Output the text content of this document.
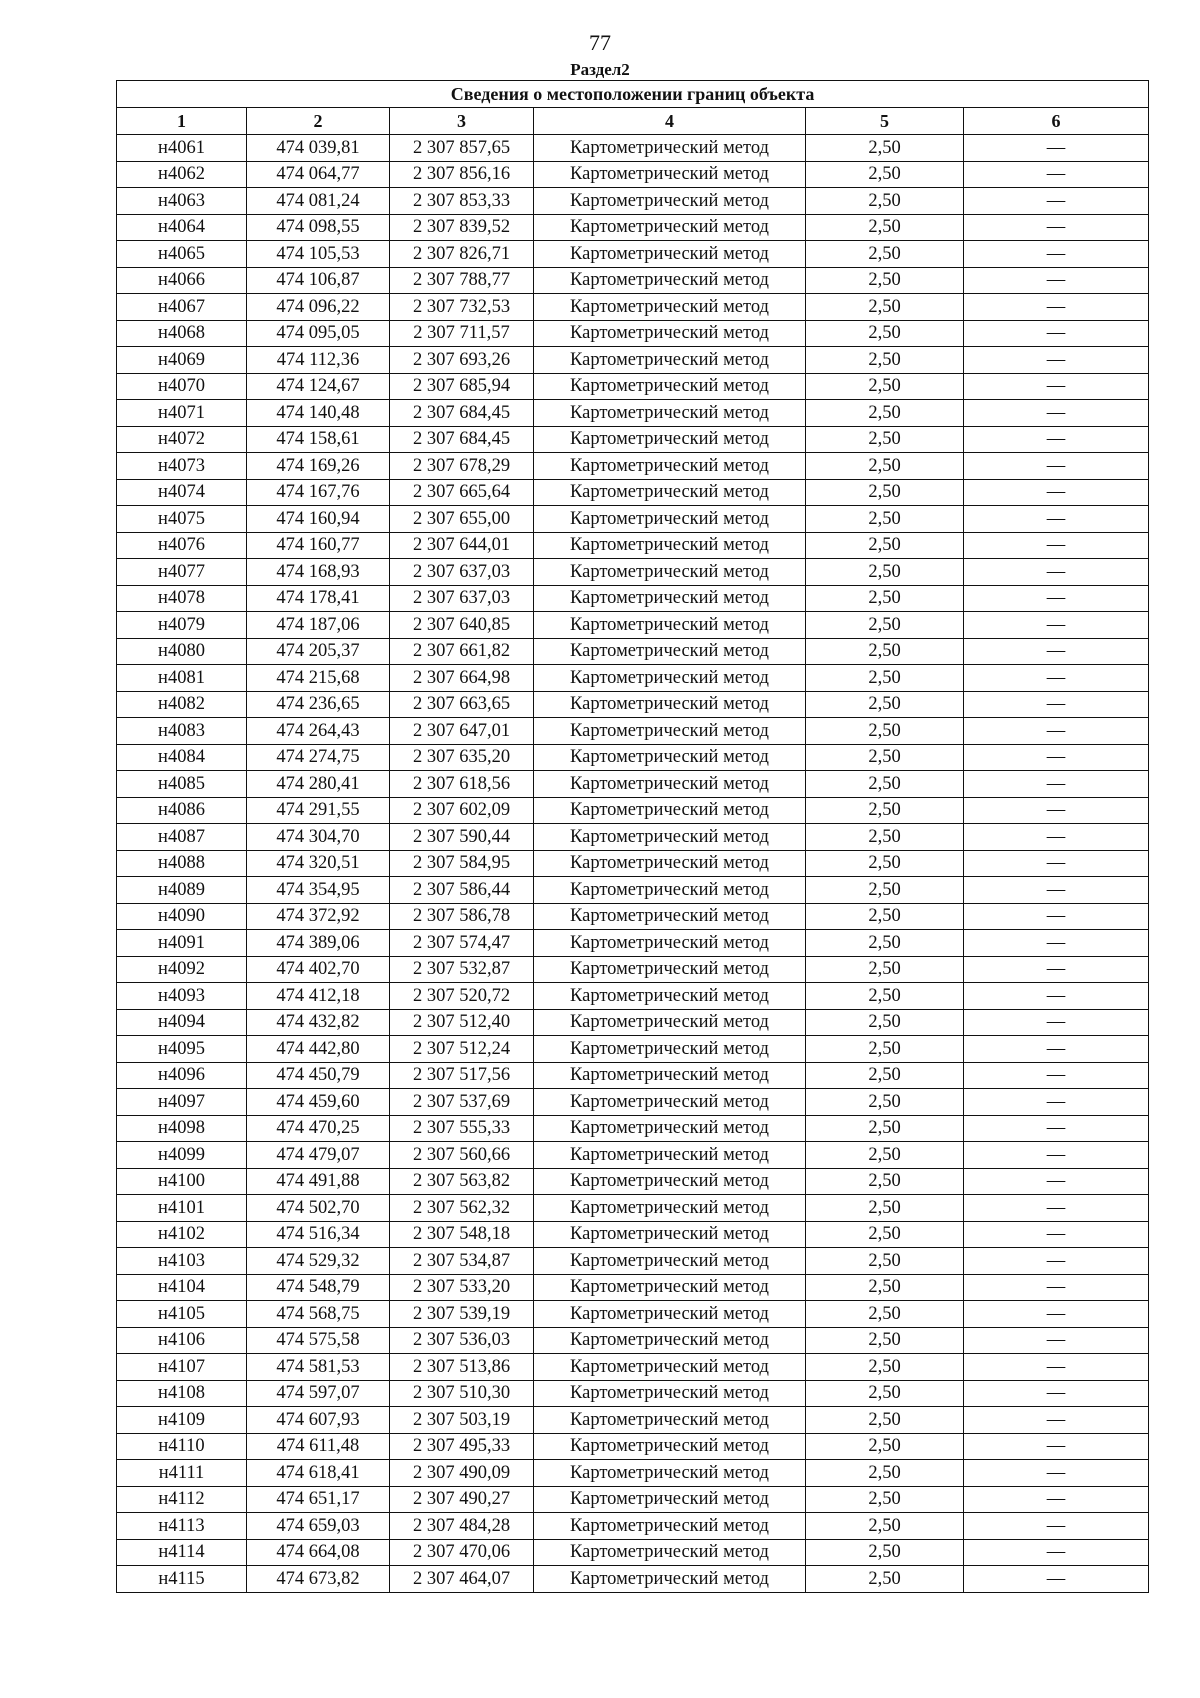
77
Раздел2
Сведения о местоположении границ объекта					
1	2	3	4	5	6
н4061	474 039,81	2 307 857,65	Картометрический метод	2,50	—
н4062	474 064,77	2 307 856,16	Картометрический метод	2,50	—
н4063	474 081,24	2 307 853,33	Картометрический метод	2,50	—
н4064	474 098,55	2 307 839,52	Картометрический метод	2,50	—
н4065	474 105,53	2 307 826,71	Картометрический метод	2,50	—
н4066	474 106,87	2 307 788,77	Картометрический метод	2,50	—
н4067	474 096,22	2 307 732,53	Картометрический метод	2,50	—
н4068	474 095,05	2 307 711,57	Картометрический метод	2,50	—
н4069	474 112,36	2 307 693,26	Картометрический метод	2,50	—
н4070	474 124,67	2 307 685,94	Картометрический метод	2,50	—
н4071	474 140,48	2 307 684,45	Картометрический метод	2,50	—
н4072	474 158,61	2 307 684,45	Картометрический метод	2,50	—
н4073	474 169,26	2 307 678,29	Картометрический метод	2,50	—
н4074	474 167,76	2 307 665,64	Картометрический метод	2,50	—
н4075	474 160,94	2 307 655,00	Картометрический метод	2,50	—
н4076	474 160,77	2 307 644,01	Картометрический метод	2,50	—
н4077	474 168,93	2 307 637,03	Картометрический метод	2,50	—
н4078	474 178,41	2 307 637,03	Картометрический метод	2,50	—
н4079	474 187,06	2 307 640,85	Картометрический метод	2,50	—
н4080	474 205,37	2 307 661,82	Картометрический метод	2,50	—
н4081	474 215,68	2 307 664,98	Картометрический метод	2,50	—
н4082	474 236,65	2 307 663,65	Картометрический метод	2,50	—
н4083	474 264,43	2 307 647,01	Картометрический метод	2,50	—
н4084	474 274,75	2 307 635,20	Картометрический метод	2,50	—
н4085	474 280,41	2 307 618,56	Картометрический метод	2,50	—
н4086	474 291,55	2 307 602,09	Картометрический метод	2,50	—
н4087	474 304,70	2 307 590,44	Картометрический метод	2,50	—
н4088	474 320,51	2 307 584,95	Картометрический метод	2,50	—
н4089	474 354,95	2 307 586,44	Картометрический метод	2,50	—
н4090	474 372,92	2 307 586,78	Картометрический метод	2,50	—
н4091	474 389,06	2 307 574,47	Картометрический метод	2,50	—
н4092	474 402,70	2 307 532,87	Картометрический метод	2,50	—
н4093	474 412,18	2 307 520,72	Картометрический метод	2,50	—
н4094	474 432,82	2 307 512,40	Картометрический метод	2,50	—
н4095	474 442,80	2 307 512,24	Картометрический метод	2,50	—
н4096	474 450,79	2 307 517,56	Картометрический метод	2,50	—
н4097	474 459,60	2 307 537,69	Картометрический метод	2,50	—
н4098	474 470,25	2 307 555,33	Картометрический метод	2,50	—
н4099	474 479,07	2 307 560,66	Картометрический метод	2,50	—
н4100	474 491,88	2 307 563,82	Картометрический метод	2,50	—
н4101	474 502,70	2 307 562,32	Картометрический метод	2,50	—
н4102	474 516,34	2 307 548,18	Картометрический метод	2,50	—
н4103	474 529,32	2 307 534,87	Картометрический метод	2,50	—
н4104	474 548,79	2 307 533,20	Картометрический метод	2,50	—
н4105	474 568,75	2 307 539,19	Картометрический метод	2,50	—
н4106	474 575,58	2 307 536,03	Картометрический метод	2,50	—
н4107	474 581,53	2 307 513,86	Картометрический метод	2,50	—
н4108	474 597,07	2 307 510,30	Картометрический метод	2,50	—
н4109	474 607,93	2 307 503,19	Картометрический метод	2,50	—
н4110	474 611,48	2 307 495,33	Картометрический метод	2,50	—
н4111	474 618,41	2 307 490,09	Картометрический метод	2,50	—
н4112	474 651,17	2 307 490,27	Картометрический метод	2,50	—
н4113	474 659,03	2 307 484,28	Картометрический метод	2,50	—
н4114	474 664,08	2 307 470,06	Картометрический метод	2,50	—
н4115	474 673,82	2 307 464,07	Картометрический метод	2,50	—
